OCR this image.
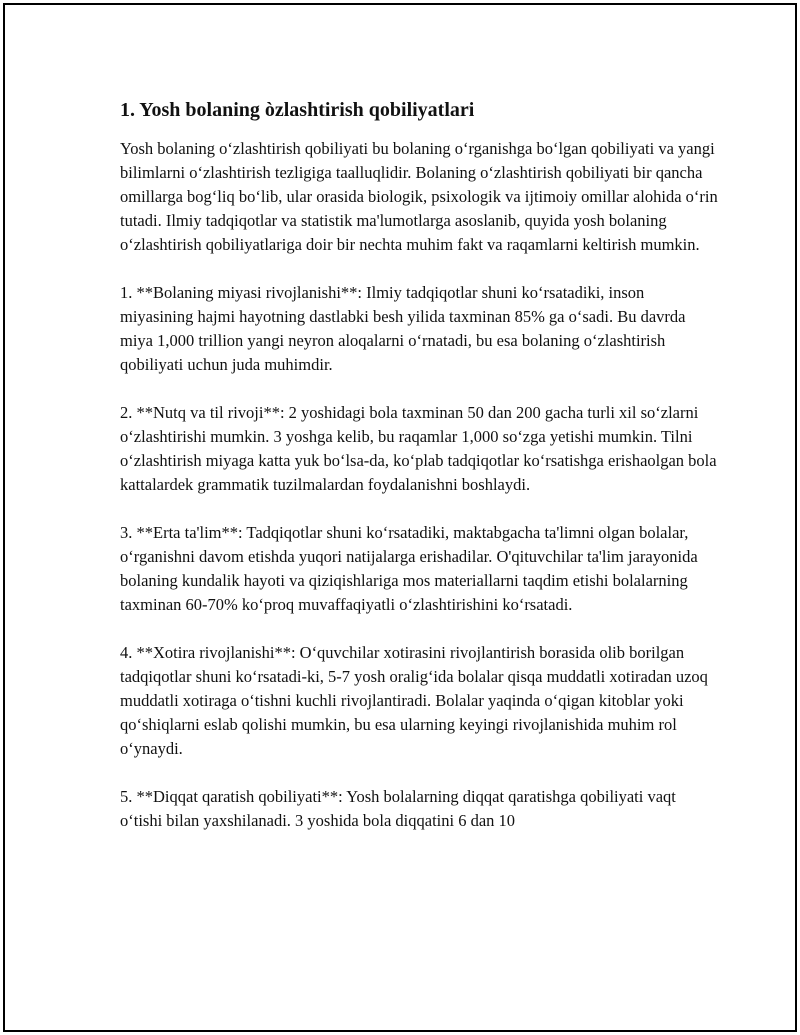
1. Yosh bolaning òzlashtirish qobiliyatlari

Yosh bolaning o‘zlashtirish qobiliyati bu bolaning o‘rganishga bo‘lgan qobiliyati va yangi bilimlarni o‘zlashtirish tezligiga taalluqlidir. Bolaning o‘zlashtirish qobiliyati bir qancha omillarga bog‘liq bo‘lib, ular orasida biologik, psixologik va ijtimoiy omillar alohida o‘rin tutadi. Ilmiy tadqiqotlar va statistik ma'lumotlarga asoslanib, quyida yosh bolaning o‘zlashtirish qobiliyatlariga doir bir nechta muhim fakt va raqamlarni keltirish mumkin.

1. **Bolaning miyasi rivojlanishi**: Ilmiy tadqiqotlar shuni ko‘rsatadiki, inson miyasining hajmi hayotning dastlabki besh yilida taxminan 85% ga o‘sadi. Bu davrda miya 1,000 trillion yangi neyron aloqalarni o‘rnatadi, bu esa bolaning o‘zlashtirish qobiliyati uchun juda muhimdir.

2. **Nutq va til rivoji**: 2 yoshidagi bola taxminan 50 dan 200 gacha turli xil so‘zlarni o‘zlashtirishi mumkin. 3 yoshga kelib, bu raqamlar 1,000 so‘zga yetishi mumkin. Tilni o‘zlashtirish miyaga katta yuk bo‘lsa-da, ko‘plab tadqiqotlar ko‘rsatishga erishaolgan bola kattalardek grammatik tuzilmalardan foydalanishni boshlaydi.

3. **Erta ta'lim**: Tadqiqotlar shuni ko‘rsatadiki, maktabgacha ta'limni olgan bolalar, o‘rganishni davom etishda yuqori natijalarga erishadilar. O'qituvchilar ta'lim jarayonida bolaning kundalik hayoti va qiziqishlariga mos materiallarni taqdim etishi bolalarning taxminan 60-70% ko‘proq muvaffaqiyatli o‘zlashtirishini ko‘rsatadi.

4. **Xotira rivojlanishi**: O‘quvchilar xotirasini rivojlantirish borasida olib borilgan tadqiqotlar shuni ko‘rsatadi-ki, 5-7 yosh oralig‘ida bolalar qisqa muddatli xotiradan uzoq muddatli xotiraga o‘tishni kuchli rivojlantiradi. Bolalar yaqinda o‘qigan kitoblar yoki qo‘shiqlarni eslab qolishi mumkin, bu esa ularning keyingi rivojlanishida muhim rol o‘ynaydi.

5. **Diqqat qaratish qobiliyati**: Yosh bolalarning diqqat qaratishga qobiliyati vaqt o‘tishi bilan yaxshilanadi. 3 yoshida bola diqqatini 6 dan 10
